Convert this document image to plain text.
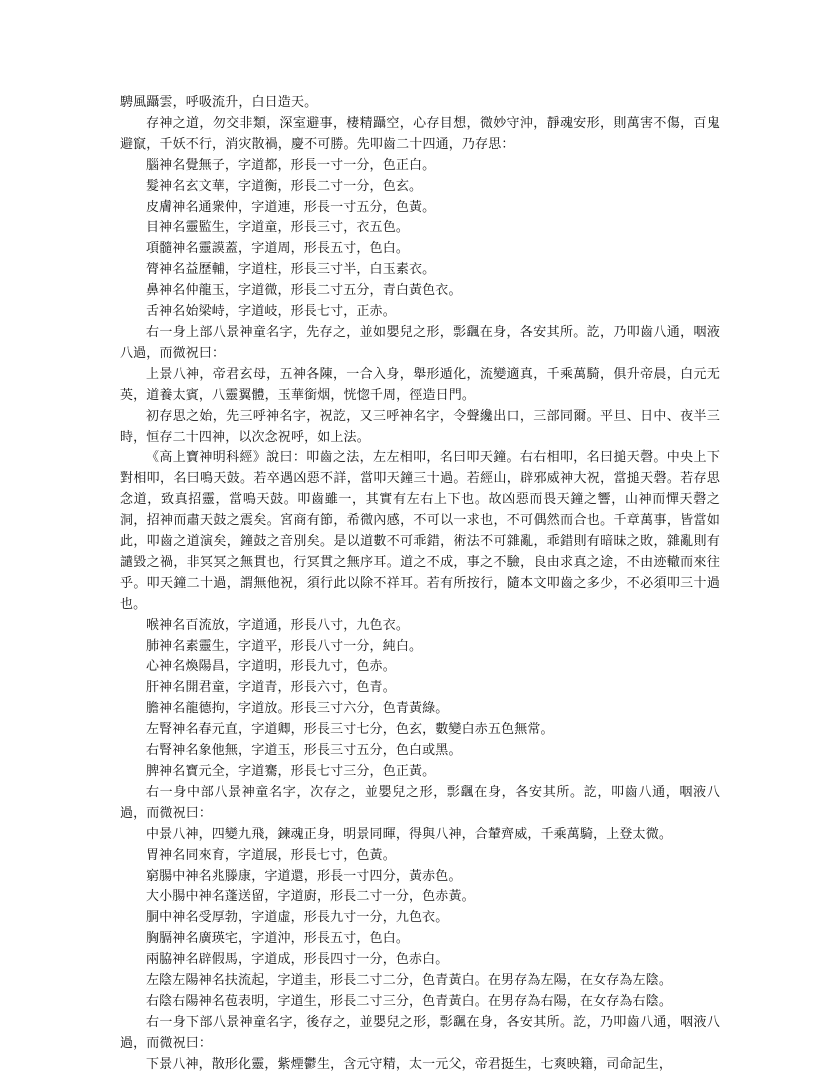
騁風躡雲，呼吸流升，白日造天。

存神之道，勿交非類，深室避事，棲精躡空，心存目想，微妙守沖，靜魂安形，則萬害不傷，百鬼避竄，千妖不行，消灾散禍，慶不可勝。先叩齒二十四通，乃存思：

腦神名覺無子，字道都，形長一寸一分，色正白。

髮神名玄文華，字道衡，形長二寸一分，色玄。

皮膚神名通衆仲，字道連，形長一寸五分，色黃。

目神名靈監生，字道童，形長三寸，衣五色。

項髓神名靈謨蓋，字道周，形長五寸，色白。

膂神名益歷輔，字道柱，形長三寸半，白玉素衣。

鼻神名仲龍玉，字道微，形長二寸五分，青白黃色衣。

舌神名始梁峙，字道岐，形長七寸，正赤。

右一身上部八景神童名字，先存之，並如嬰兒之形，彯颻在身，各安其所。訖，乃叩齒八通，咽液八過，而微祝曰：

上景八神，帝君玄母，五神各陳，一合入身，舉形遁化，流變適真，千乘萬騎，俱升帝晨，白元无英，道養太賓，八靈翼體，玉華銜烟，恍惚千周，徑造日門。

初存思之始，先三呼神名字，祝訖，又三呼神名字，令聲纔出口，三部同爾。平旦、日中、夜半三時，恒存二十四神，以次念祝呼，如上法。

《高上寶神明科經》說曰：叩齒之法，左左相叩，名曰叩天鐘。右右相叩，名曰搥天磬。中央上下對相叩，名曰鳴天鼓。若卒遇凶惡不詳，當叩天鐘三十過。若經山，辟邪威神大祝，當搥天磬。若存思念道，致真招靈，當鳴天鼓。叩齒雖一，其實有左右上下也。故凶惡而畏天鐘之響，山神而憚天磬之洞，招神而肅天鼓之震矣。宮商有節，希微內感，不可以一求也，不可偶然而合也。千章萬事，皆當如此，叩齒之道演矣，鐘鼓之音別矣。是以道數不可乖錯，術法不可雜亂，乖錯則有暗昧之敗，雜亂則有譴毀之禍，非冥冥之無貫也，行冥貫之無序耳。道之不成，事之不驗，良由求真之途，不由迹轍而來往乎。叩天鐘二十過，謂無他祝，須行此以除不祥耳。若有所按行，隨本文叩齒之多少，不必須叩三十過也。

喉神名百流放，字道通，形長八寸，九色衣。

肺神名素靈生，字道平，形長八寸一分，純白。

心神名煥陽昌，字道明，形長九寸，色赤。

肝神名開君童，字道青，形長六寸，色青。

膽神名龍德拘，字道放。形長三寸六分，色青黃綠。

左腎神名春元直，字道卿，形長三寸七分，色玄，數變白赤五色無常。

右腎神名象他無，字道玉，形長三寸五分，色白或黑。

脾神名寶元全，字道騫，形長七寸三分，色正黃。

右一身中部八景神童名字，次存之，並嬰兒之形，彯颻在身，各安其所。訖，叩齒八通，咽液八過，而微祝曰：

中景八神，四變九飛，鍊魂正身，明景同暉，得與八神，合輦齊威，千乘萬騎，上登太微。

胃神名同來育，字道展，形長七寸，色黃。

窮腸中神名兆滕康，字道還，形長一寸四分，黃赤色。

大小腸中神名蓬送留，字道廚，形長二寸一分，色赤黃。

胴中神名受厚勃，字道虛，形長九寸一分，九色衣。

胸膈神名廣瑛宅，字道沖，形長五寸，色白。

兩脇神名辟假馬，字道成，形長四寸一分，色赤白。

左陰左陽神名扶流起，字道圭，形長二寸二分，色青黃白。在男存為左陽，在女存為左陰。

右陰右陽神名苞表明，字道生，形長二寸三分，色青黃白。在男存為右陽，在女存為右陰。

右一身下部八景神童名字，後存之，並嬰兒之形，彯颻在身，各安其所。訖，乃叩齒八通，咽液八過，而微祝曰：

下景八神，散形化靈，紫煙鬱生，含元守精，太一元父，帝君挺生，七爽映籍，司命記生，
